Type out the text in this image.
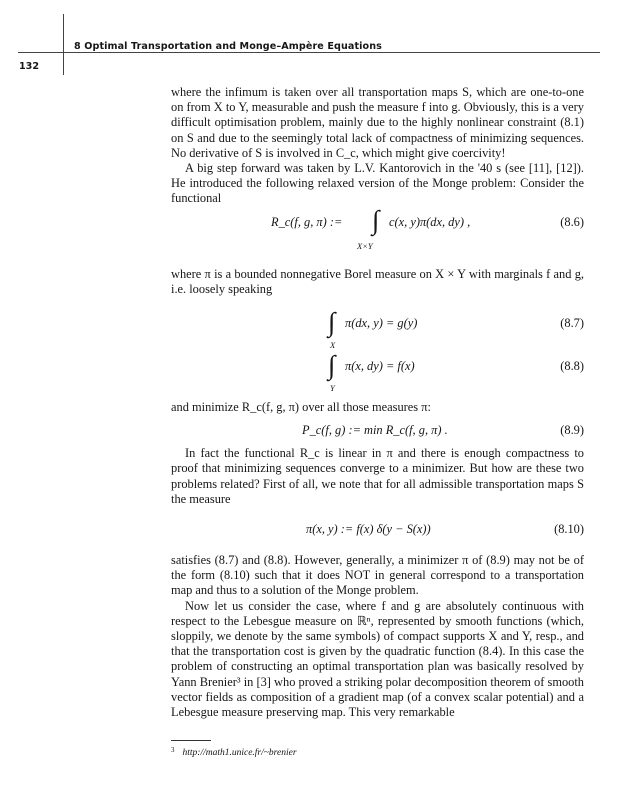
8 Optimal Transportation and Monge–Ampère Equations
132

where the infimum is taken over all transportation maps S, which are one-to-one on from X to Y, measurable and push the measure f into g. Obviously, this is a very difficult optimisation problem, mainly due to the highly nonlinear constraint (8.1) on S and due to the seemingly total lack of compactness of minimizing sequences. No derivative of S is involved in C_c, which might give coercivity!

A big step forward was taken by L.V. Kantorovich in the '40 s (see [11], [12]). He introduced the following relaxed version of the Monge problem: Consider the functional

R_c(f, g, π) := ∫
X×Y
c(x, y)π(dx, dy) ,	(8.6)

where π is a bounded nonnegative Borel measure on X × Y with marginals f and g, i.e. loosely speaking

∫
X
π(dx, y) = g(y)	(8.7)
∫
Y
π(x, dy) = f(x)	(8.8)

and minimize R_c(f, g, π) over all those measures π:

P_c(f, g) := min R_c(f, g, π) .	(8.9)

In fact the functional R_c is linear in π and there is enough compactness to proof that minimizing sequences converge to a minimizer. But how are these two problems related? First of all, we note that for all admissible transportation maps S the measure

π(x, y) := f(x) δ(y − S(x))	(8.10)

satisfies (8.7) and (8.8). However, generally, a minimizer π of (8.9) may not be of the form (8.10) such that it does NOT in general correspond to a transportation map and thus to a solution of the Monge problem.

Now let us consider the case, where f and g are absolutely continuous with respect to the Lebesgue measure on ℝⁿ, represented by smooth functions (which, sloppily, we denote by the same symbols) of compact supports X and Y, resp., and that the transportation cost is given by the quadratic function (8.4). In this case the problem of constructing an optimal transportation plan was basically resolved by Yann Brenier³ in [3] who proved a striking polar decomposition theorem of smooth vector fields as composition of a gradient map (of a convex scalar potential) and a Lebesgue measure preserving map. This very remarkable

$^3$ http://math1.unice.fr/~brenier
